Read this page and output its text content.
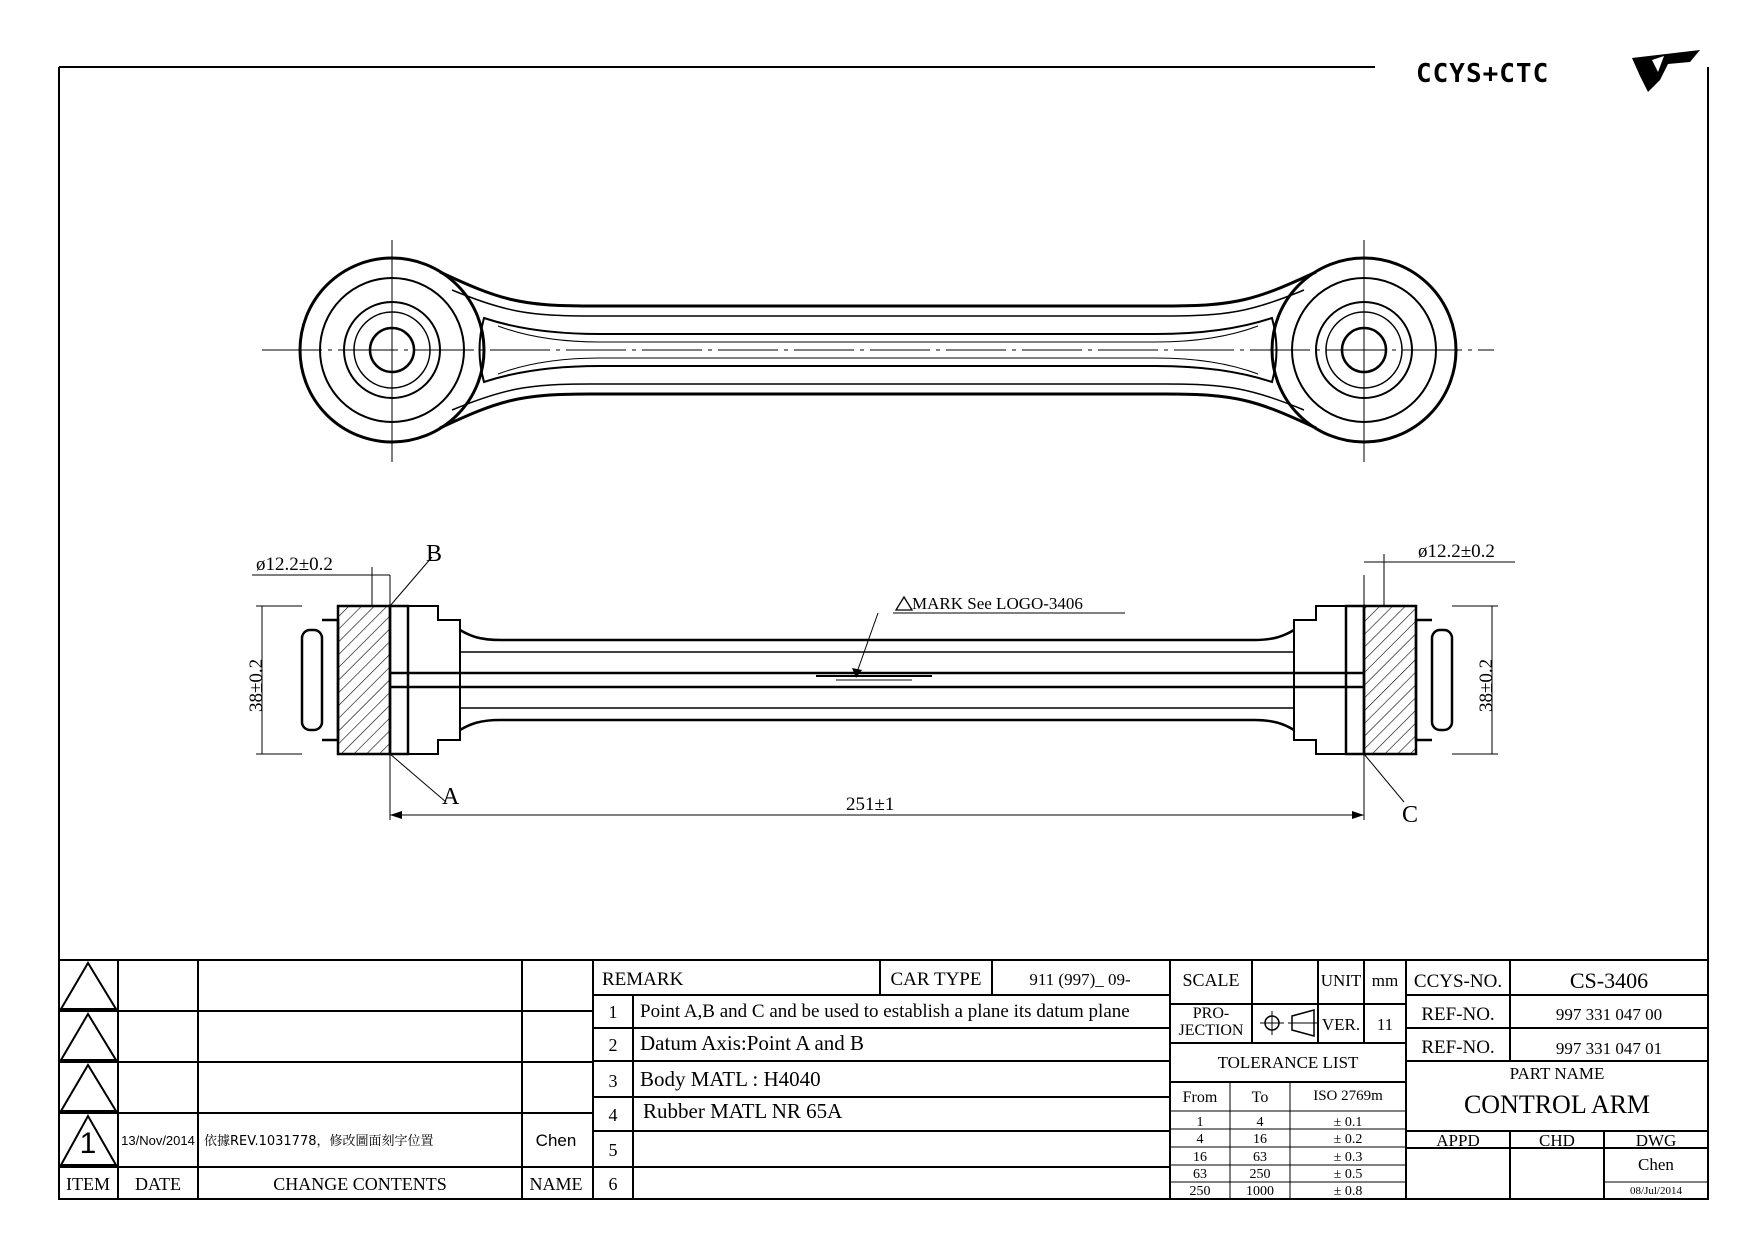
ø12.2±0.2
ø12.2±0.2
38±0.2	38±0.2
251±1
MARK See LOGO-3406
B
A
C
CCYS+CTC
1 13/Nov/2014 依據REV.1031778，修改圖面刻字位置	Chen
ITEM DATE	CHANGE CONTENTS	NAME
REMARK	CAR TYPE	911 (997)_ 09-
1 Point A,B and C and be used to establish a plane its datum plane
2 Datum Axis:Point A and B
3 Body MATL : H4040
4 Rubber MATL NR 65A
5
6
SCALE	UNIT mm
PRO-
JECTION	VER. 11
TOLERANCE LIST
From To	ISO 2769m
1	4	± 0.1
4	16	± 0.2
16	63	± 0.3
63	250	± 0.5
250	1000	± 0.8
CCYS-NO.	CS-3406
REF-NO.	997 331 047 00
REF-NO.	997 331 047 01
PART NAME
CONTROL ARM
APPD	CHD	DWG
Chen
08/Jul/2014
